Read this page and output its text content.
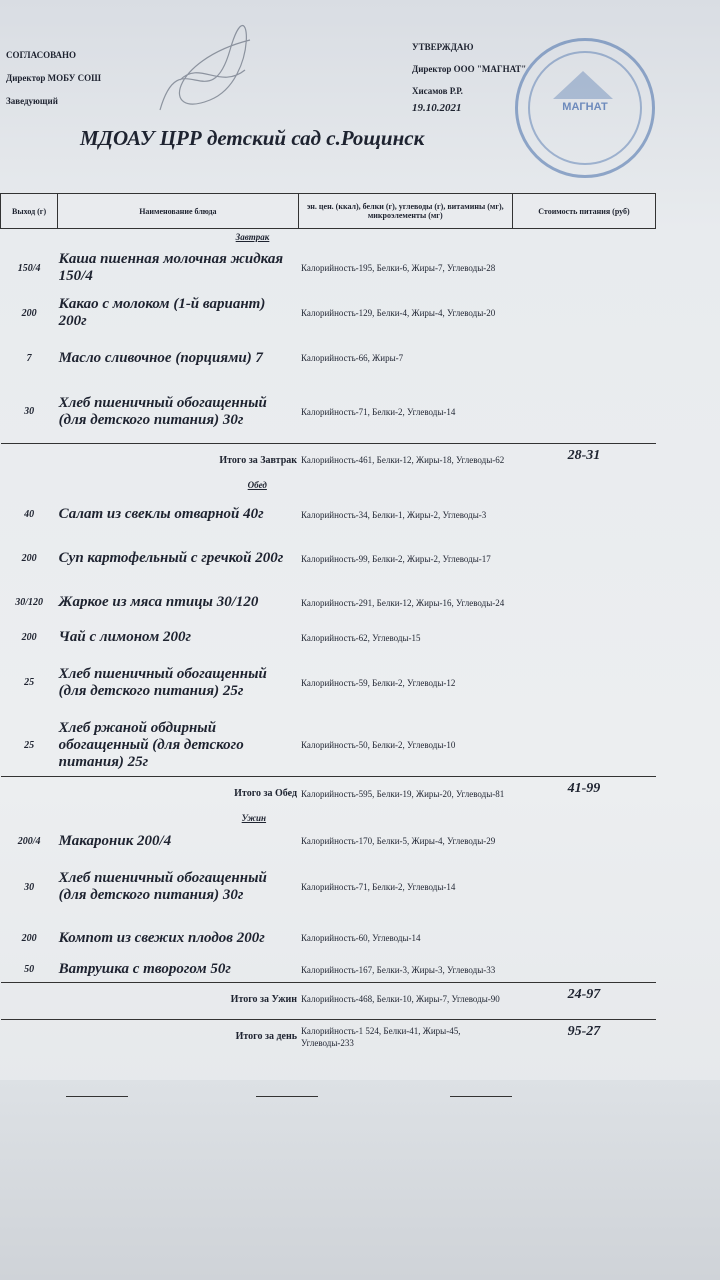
СОГЛАСОВАНО
Директор МОБУ СОШ
Заведующий
УТВЕРЖДАЮ
Директор ООО "МАГНАТ"
Хисамов Р.Р.
19.10.2021	МАГНАТ
МДОАУ ЦРР детский сад с.Рощинск
Выход (г)	Наименование блюда	эн. цен. (ккал), белки (г), углеводы (г), витамины (мг), микроэлементы (мг)	Стоимость питания (руб)
	Завтрак		
150/4	Каша пшенная молочная жидкая 150/4	Калорийность-195, Белки-6, Жиры-7, Углеводы-28	
200	Какао с молоком (1-й вариант) 200г	Калорийность-129, Белки-4, Жиры-4, Углеводы-20	
7	Масло сливочное (порциями) 7	Калорийность-66, Жиры-7	
30	Хлеб пшеничный обогащенный (для детского питания) 30г	Калорийность-71, Белки-2, Углеводы-14	
	Итого за Завтрак	Калорийность-461, Белки-12, Жиры-18, Углеводы-62	28-31
	Обед		
40	Салат из свеклы отварной 40г	Калорийность-34, Белки-1, Жиры-2, Углеводы-3	
200	Суп картофельный с гречкой 200г	Калорийность-99, Белки-2, Жиры-2, Углеводы-17	
30/120	Жаркое из мяса птицы 30/120	Калорийность-291, Белки-12, Жиры-16, Углеводы-24	
200	Чай с лимоном 200г	Калорийность-62, Углеводы-15	
25	Хлеб пшеничный обогащенный (для детского питания) 25г	Калорийность-59, Белки-2, Углеводы-12	
25	Хлеб ржаной обдирный обогащенный (для детского питания) 25г	Калорийность-50, Белки-2, Углеводы-10	
	Итого за Обед	Калорийность-595, Белки-19, Жиры-20, Углеводы-81	41-99
	Ужин		
200/4	Макароник 200/4	Калорийность-170, Белки-5, Жиры-4, Углеводы-29	
30	Хлеб пшеничный обогащенный (для детского питания) 30г	Калорийность-71, Белки-2, Углеводы-14	
200	Компот из свежих плодов 200г	Калорийность-60, Углеводы-14	
50	Ватрушка с творогом 50г	Калорийность-167, Белки-3, Жиры-3, Углеводы-33	
	Итого за Ужин	Калорийность-468, Белки-10, Жиры-7, Углеводы-90	24-97

	Итого за день	Калорийность-1 524, Белки-41, Жиры-45, Углеводы-233	95-27
